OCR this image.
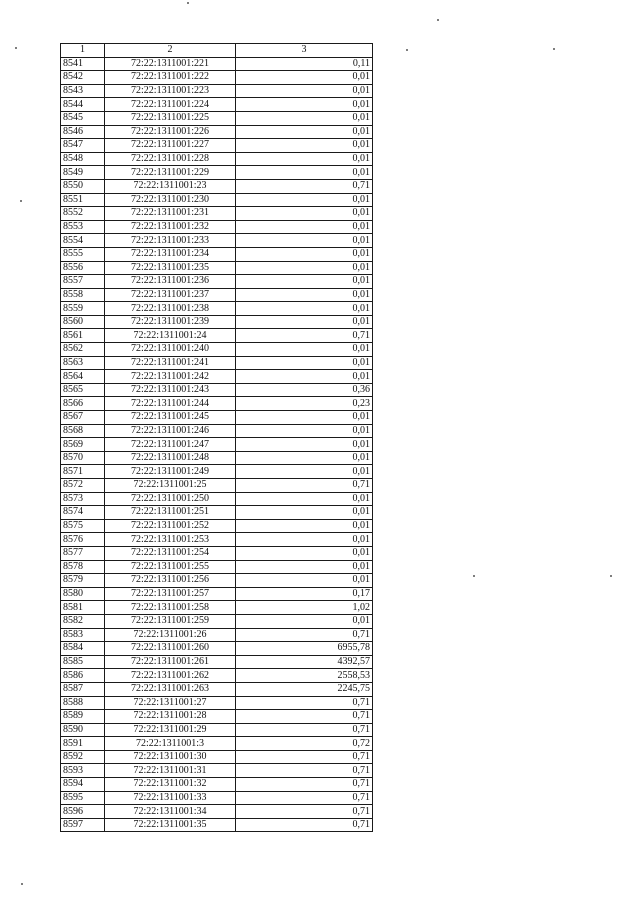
1	2	3
8541	72:22:1311001:221	0,11
8542	72:22:1311001:222	0,01
8543	72:22:1311001:223	0,01
8544	72:22:1311001:224	0,01
8545	72:22:1311001:225	0,01
8546	72:22:1311001:226	0,01
8547	72:22:1311001:227	0,01
8548	72:22:1311001:228	0,01
8549	72:22:1311001:229	0,01
8550	72:22:1311001:23	0,71
8551	72:22:1311001:230	0,01
8552	72:22:1311001:231	0,01
8553	72:22:1311001:232	0,01
8554	72:22:1311001:233	0,01
8555	72:22:1311001:234	0,01
8556	72:22:1311001:235	0,01
8557	72:22:1311001:236	0,01
8558	72:22:1311001:237	0,01
8559	72:22:1311001:238	0,01
8560	72:22:1311001:239	0,01
8561	72:22:1311001:24	0,71
8562	72:22:1311001:240	0,01
8563	72:22:1311001:241	0,01
8564	72:22:1311001:242	0,01
8565	72:22:1311001:243	0,36
8566	72:22:1311001:244	0,23
8567	72:22:1311001:245	0,01
8568	72:22:1311001:246	0,01
8569	72:22:1311001:247	0,01
8570	72:22:1311001:248	0,01
8571	72:22:1311001:249	0,01
8572	72:22:1311001:25	0,71
8573	72:22:1311001:250	0,01
8574	72:22:1311001:251	0,01
8575	72:22:1311001:252	0,01
8576	72:22:1311001:253	0,01
8577	72:22:1311001:254	0,01
8578	72:22:1311001:255	0,01
8579	72:22:1311001:256	0,01
8580	72:22:1311001:257	0,17
8581	72:22:1311001:258	1,02
8582	72:22:1311001:259	0,01
8583	72:22:1311001:26	0,71
8584	72:22:1311001:260	6955,78
8585	72:22:1311001:261	4392,57
8586	72:22:1311001:262	2558,53
8587	72:22:1311001:263	2245,75
8588	72:22:1311001:27	0,71
8589	72:22:1311001:28	0,71
8590	72:22:1311001:29	0,71
8591	72:22:1311001:3	0,72
8592	72:22:1311001:30	0,71
8593	72:22:1311001:31	0,71
8594	72:22:1311001:32	0,71
8595	72:22:1311001:33	0,71
8596	72:22:1311001:34	0,71
8597	72:22:1311001:35	0,71
